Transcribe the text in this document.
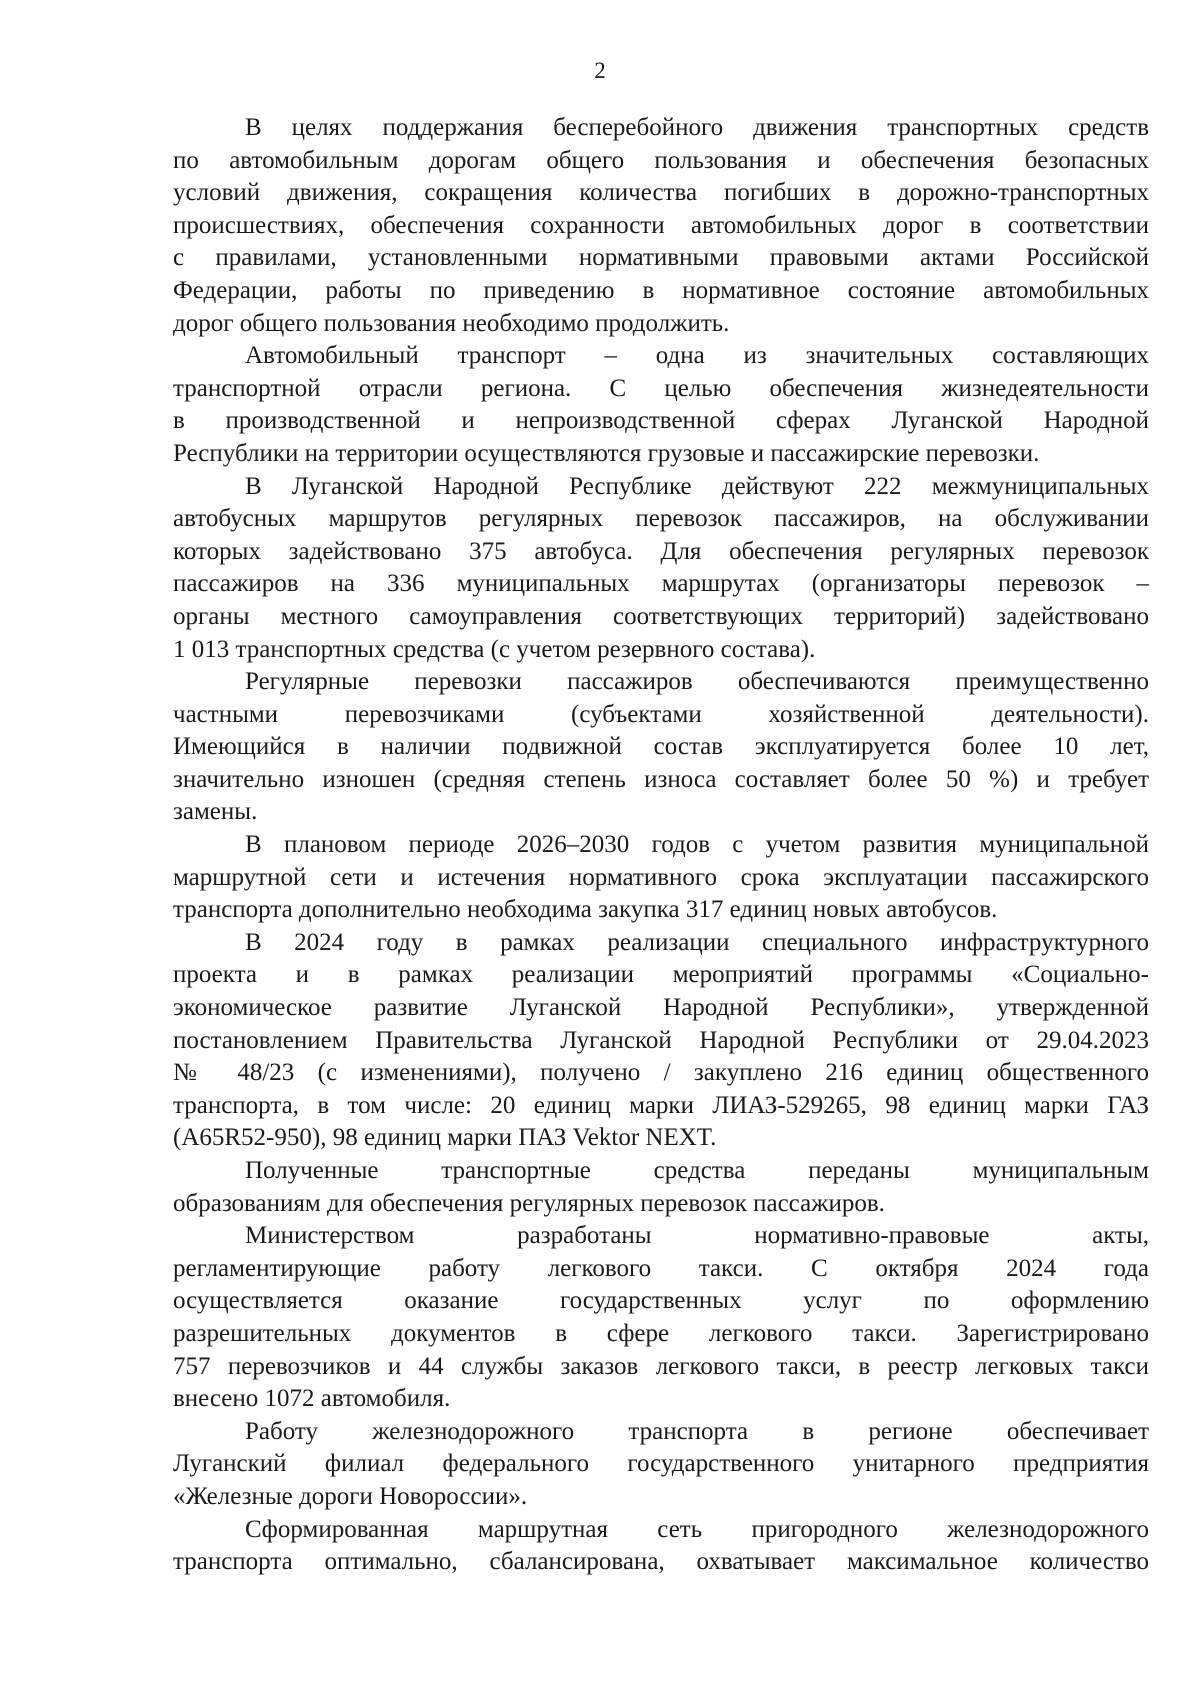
2
В целях поддержания бесперебойного движения транспортных средств
по автомобильным дорогам общего пользования и обеспечения безопасных
условий движения, сокращения количества погибших в дорожно-транспортных
происшествиях, обеспечения сохранности автомобильных дорог в соответствии
с правилами, установленными нормативными правовыми актами Российской
Федерации, работы по приведению в нормативное состояние автомобильных
дорог общего пользования необходимо продолжить.
Автомобильный транспорт – одна из значительных составляющих
транспортной отрасли региона. С целью обеспечения жизнедеятельности
в производственной и непроизводственной сферах Луганской Народной
Республики на территории осуществляются грузовые и пассажирские перевозки.
В Луганской Народной Республике действуют 222 межмуниципальных
автобусных маршрутов регулярных перевозок пассажиров, на обслуживании
которых задействовано 375 автобуса. Для обеспечения регулярных перевозок
пассажиров на 336 муниципальных маршрутах (организаторы перевозок –
органы местного самоуправления соответствующих территорий) задействовано
1 013 транспортных средства (с учетом резервного состава).
Регулярные перевозки пассажиров обеспечиваются преимущественно
частными перевозчиками (субъектами хозяйственной деятельности).
Имеющийся в наличии подвижной состав эксплуатируется более 10 лет,
значительно изношен (средняя степень износа составляет более 50 %) и требует
замены.
В плановом периоде 2026–2030 годов с учетом развития муниципальной
маршрутной сети и истечения нормативного срока эксплуатации пассажирского
транспорта дополнительно необходима закупка 317 единиц новых автобусов.
В 2024 году в рамках реализации специального инфраструктурного
проекта и в рамках реализации мероприятий программы «Социально-
экономическое развитие Луганской Народной Республики», утвержденной
постановлением Правительства Луганской Народной Республики от 29.04.2023
№ 48/23 (с изменениями), получено / закуплено 216 единиц общественного
транспорта, в том числе: 20 единиц марки ЛИАЗ-529265, 98 единиц марки ГАЗ
(А65R52-950), 98 единиц марки ПАЗ Vektor NEXT.
Полученные транспортные средства переданы муниципальным
образованиям для обеспечения регулярных перевозок пассажиров.
Министерством разработаны нормативно-правовые акты,
регламентирующие работу легкового такси. С октября 2024 года
осуществляется оказание государственных услуг по оформлению
разрешительных документов в сфере легкового такси. Зарегистрировано
757 перевозчиков и 44 службы заказов легкового такси, в реестр легковых такси
внесено 1072 автомобиля.
Работу железнодорожного транспорта в регионе обеспечивает
Луганский филиал федерального государственного унитарного предприятия
«Железные дороги Новороссии».
Сформированная маршрутная сеть пригородного железнодорожного
транспорта оптимально, сбалансирована, охватывает максимальное количество
